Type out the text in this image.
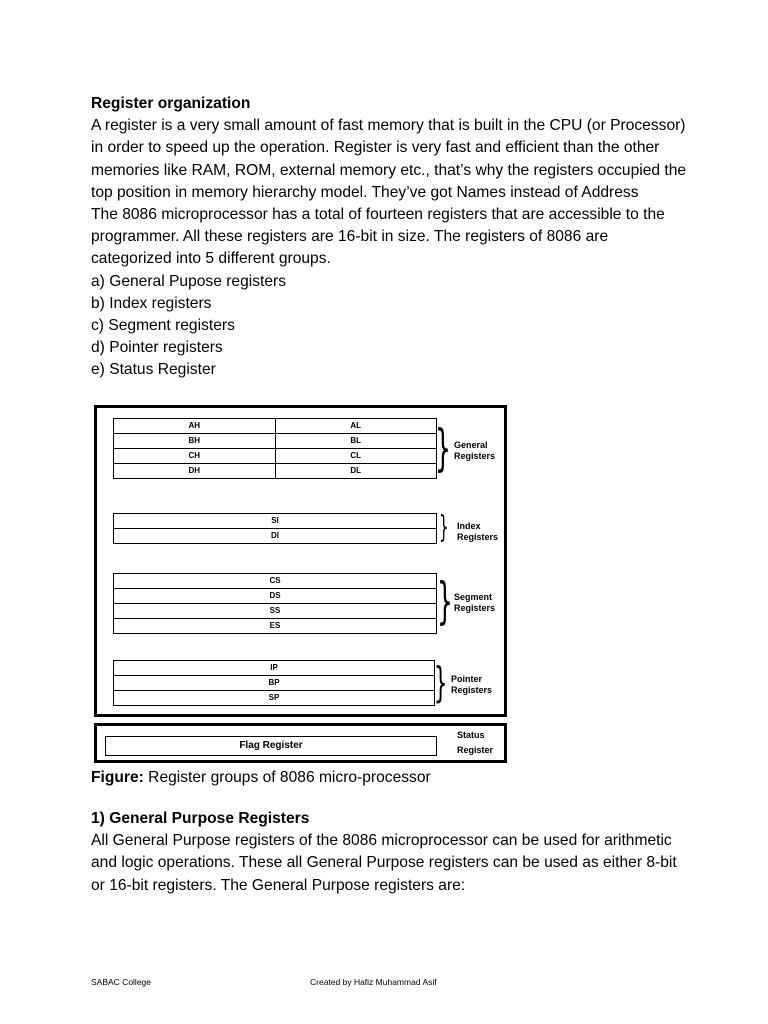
Register organization

A register is a very small amount of fast memory that is built in the CPU (or Processor) in order to speed up the operation. Register is very fast and efficient than the other memories like RAM, ROM, external memory etc., that’s why the registers occupied the top position in memory hierarchy model. They’ve got Names instead of Address

The 8086 microprocessor has a total of fourteen registers that are accessible to the programmer. All these registers are 16-bit in size. The registers of 8086 are categorized into 5 different groups.

a) General Pupose registers
b) Index registers
c) Segment registers
d) Pointer registers
e) Status Register
AH	AL
BH	BL
CH	CL
DH	DL } General
Registers
SI
DI	} Index
Registers
CS
DS
SS
ES	} Segment
Registers
IP
BP
SP	} Pointer
Registers
Flag Register
Status
Register
Figure: Register groups of 8086 micro-processor

1) General Purpose Registers

All General Purpose registers of the 8086 microprocessor can be used for arithmetic and logic operations. These all General Purpose registers can be used as either 8-bit or 16-bit registers. The General Purpose registers are:

SABAC College	Created by Hafiz Muhammad Asif
